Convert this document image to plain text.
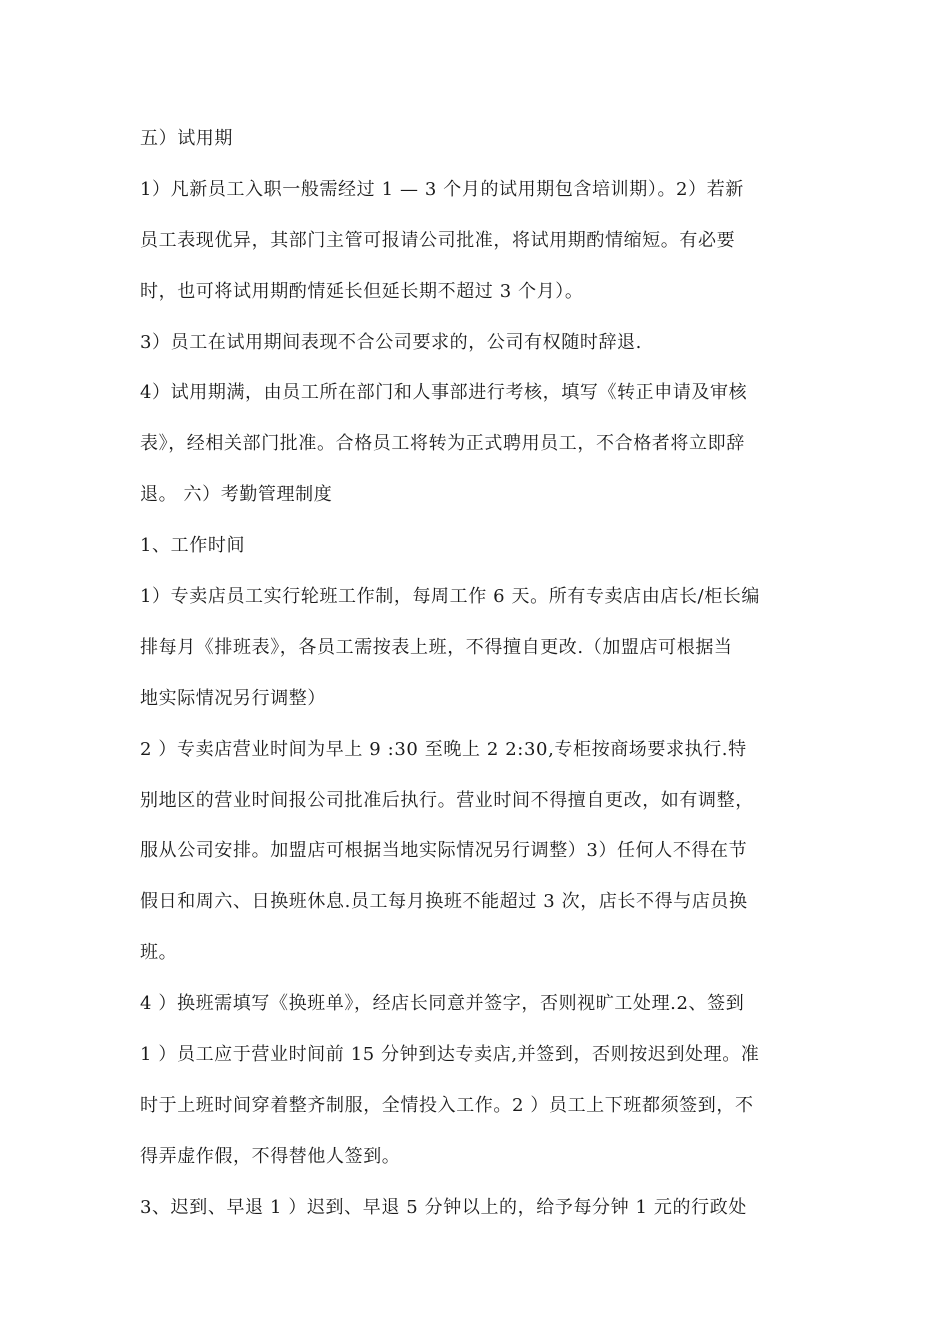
五）试用期
1）凡新员工入职一般需经过 1 — 3 个月的试用期包含培训期）。2）若新
员工表现优异，其部门主管可报请公司批准，将试用期酌情缩短。有必要
时，也可将试用期酌情延长但延长期不超过 3 个月）。
3）员工在试用期间表现不合公司要求的，公司有权随时辞退.
4）试用期满，由员工所在部门和人事部进行考核，填写《转正申请及审核
表》，经相关部门批准。合格员工将转为正式聘用员工，不合格者将立即辞
退。 六）考勤管理制度
1、工作时间
1）专卖店员工实行轮班工作制，每周工作 6 天。所有专卖店由店长/柜长编
排每月《排班表》，各员工需按表上班，不得擅自更改.（加盟店可根据当
地实际情况另行调整）
2 ）专卖店营业时间为早上 9 :30 至晚上 2 2:30,专柜按商场要求执行.特
别地区的营业时间报公司批准后执行。营业时间不得擅自更改，如有调整，
服从公司安排。加盟店可根据当地实际情况另行调整）3）任何人不得在节
假日和周六、日换班休息.员工每月换班不能超过 3 次，店长不得与店员换
班。
4 ）换班需填写《换班单》，经店长同意并签字，否则视旷工处理.2、签到
1 ）员工应于营业时间前 15 分钟到达专卖店,并签到，否则按迟到处理。准
时于上班时间穿着整齐制服，全情投入工作。2 ）员工上下班都须签到，不
得弄虚作假，不得替他人签到。
3、迟到、早退 1 ）迟到、早退 5 分钟以上的，给予每分钟 1 元的行政处
